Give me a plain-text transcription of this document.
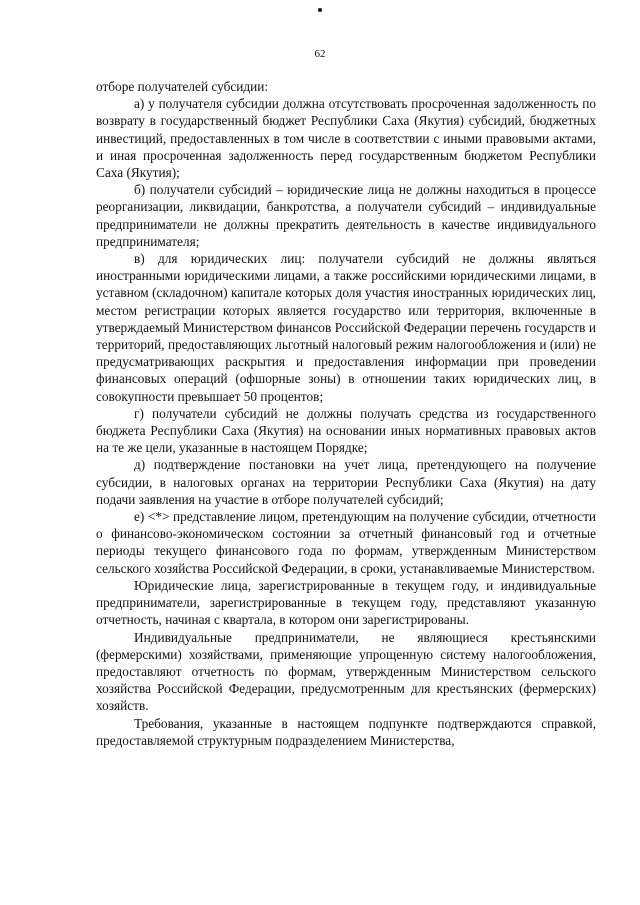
62

отборе получателей субсидии:

а) у получателя субсидии должна отсутствовать просроченная задолженность по возврату в государственный бюджет Республики Саха (Якутия) субсидий, бюджетных инвестиций, предоставленных в том числе в соответствии с иными правовыми актами, и иная просроченная задолженность перед государственным бюджетом Республики Саха (Якутия);

б) получатели субсидий – юридические лица не должны находиться в процессе реорганизации, ликвидации, банкротства, а получатели субсидий – индивидуальные предприниматели не должны прекратить деятельность в качестве индивидуального предпринимателя;

в) для юридических лиц: получатели субсидий не должны являться иностранными юридическими лицами, а также российскими юридическими лицами, в уставном (складочном) капитале которых доля участия иностранных юридических лиц, местом регистрации которых является государство или территория, включенные в утверждаемый Министерством финансов Российской Федерации перечень государств и территорий, предоставляющих льготный налоговый режим налогообложения и (или) не предусматривающих раскрытия и предоставления информации при проведении финансовых операций (офшорные зоны) в отношении таких юридических лиц, в совокупности превышает 50 процентов;

г) получатели субсидий не должны получать средства из государственного бюджета Республики Саха (Якутия) на основании иных нормативных правовых актов на те же цели, указанные в настоящем Порядке;

д) подтверждение постановки на учет лица, претендующего на получение субсидии, в налоговых органах на территории Республики Саха (Якутия) на дату подачи заявления на участие в отборе получателей субсидий;

е) <*> представление лицом, претендующим на получение субсидии, отчетности о финансово-экономическом состоянии за отчетный финансовый год и отчетные периоды текущего финансового года по формам, утвержденным Министерством сельского хозяйства Российской Федерации, в сроки, устанавливаемые Министерством.

Юридические лица, зарегистрированные в текущем году, и индивидуальные предприниматели, зарегистрированные в текущем году, представляют указанную отчетность, начиная с квартала, в котором они зарегистрированы.

Индивидуальные предприниматели, не являющиеся крестьянскими (фермерскими) хозяйствами, применяющие упрощенную систему налогообложения, предоставляют отчетность по формам, утвержденным Министерством сельского хозяйства Российской Федерации, предусмотренным для крестьянских (фермерских) хозяйств.

Требования, указанные в настоящем подпункте подтверждаются справкой, предоставляемой структурным подразделением Министерства,
